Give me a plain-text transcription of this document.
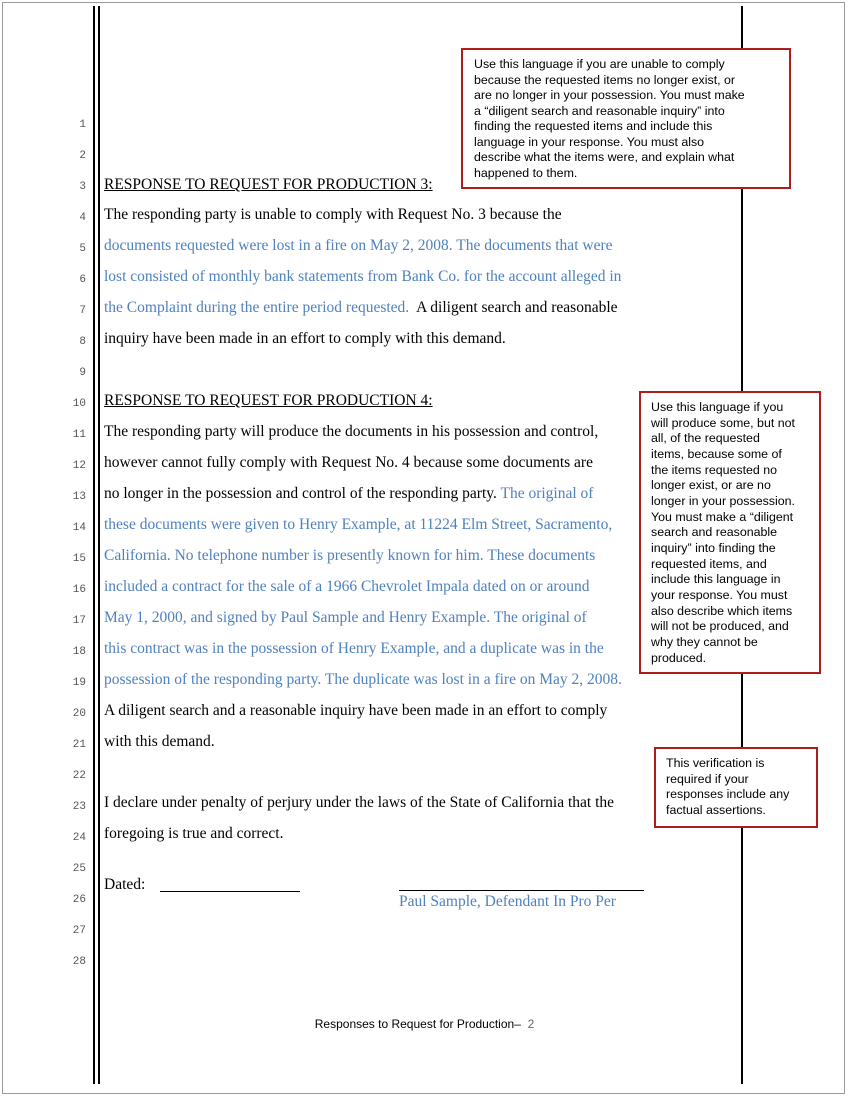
1
2
3
4
5
6
7
8
9
10
11
12
13
14
15
16
17
18
19
20
21
22
23
24
25
26
27
28
RESPONSE TO REQUEST FOR PRODUCTION 3:
The responding party is unable to comply with Request No. 3 because the
documents requested were lost in a fire on May 2, 2008. The documents that were
lost consisted of monthly bank statements from Bank Co. for the account alleged in
the Complaint during the entire period requested.  A diligent search and reasonable
inquiry have been made in an effort to comply with this demand.
RESPONSE TO REQUEST FOR PRODUCTION 4:
The responding party will produce the documents in his possession and control,
however cannot fully comply with Request No. 4 because some documents are
no longer in the possession and control of the responding party. The original of
these documents were given to Henry Example, at 11224 Elm Street, Sacramento,
California. No telephone number is presently known for him. These documents
included a contract for the sale of a 1966 Chevrolet Impala dated on or around
May 1, 2000, and signed by Paul Sample and Henry Example. The original of
this contract was in the possession of Henry Example, and a duplicate was in the
possession of the responding party. The duplicate was lost in a fire on May 2, 2008.
A diligent search and a reasonable inquiry have been made in an effort to comply
with this demand.
I declare under penalty of perjury under the laws of the State of California that the
foregoing is true and correct.
Dated:
Paul Sample, Defendant In Pro Per
Use this language if you are unable to comply
because the requested items no longer exist, or
are no longer in your possession. You must make
a “diligent search and reasonable inquiry” into
finding the requested items and include this
language in your response. You must also
describe what the items were, and explain what
happened to them.
Use this language if you
will produce some, but not
all, of the requested
items, because some of
the items requested no
longer exist, or are no
longer in your possession.
You must make a “diligent
search and reasonable
inquiry” into finding the
requested items, and
include this language in
your response. You must
also describe which items
will not be produced, and
why they cannot be
produced.
This verification is
required if your
responses include any
factual assertions.
Responses to Request for Production– 2
